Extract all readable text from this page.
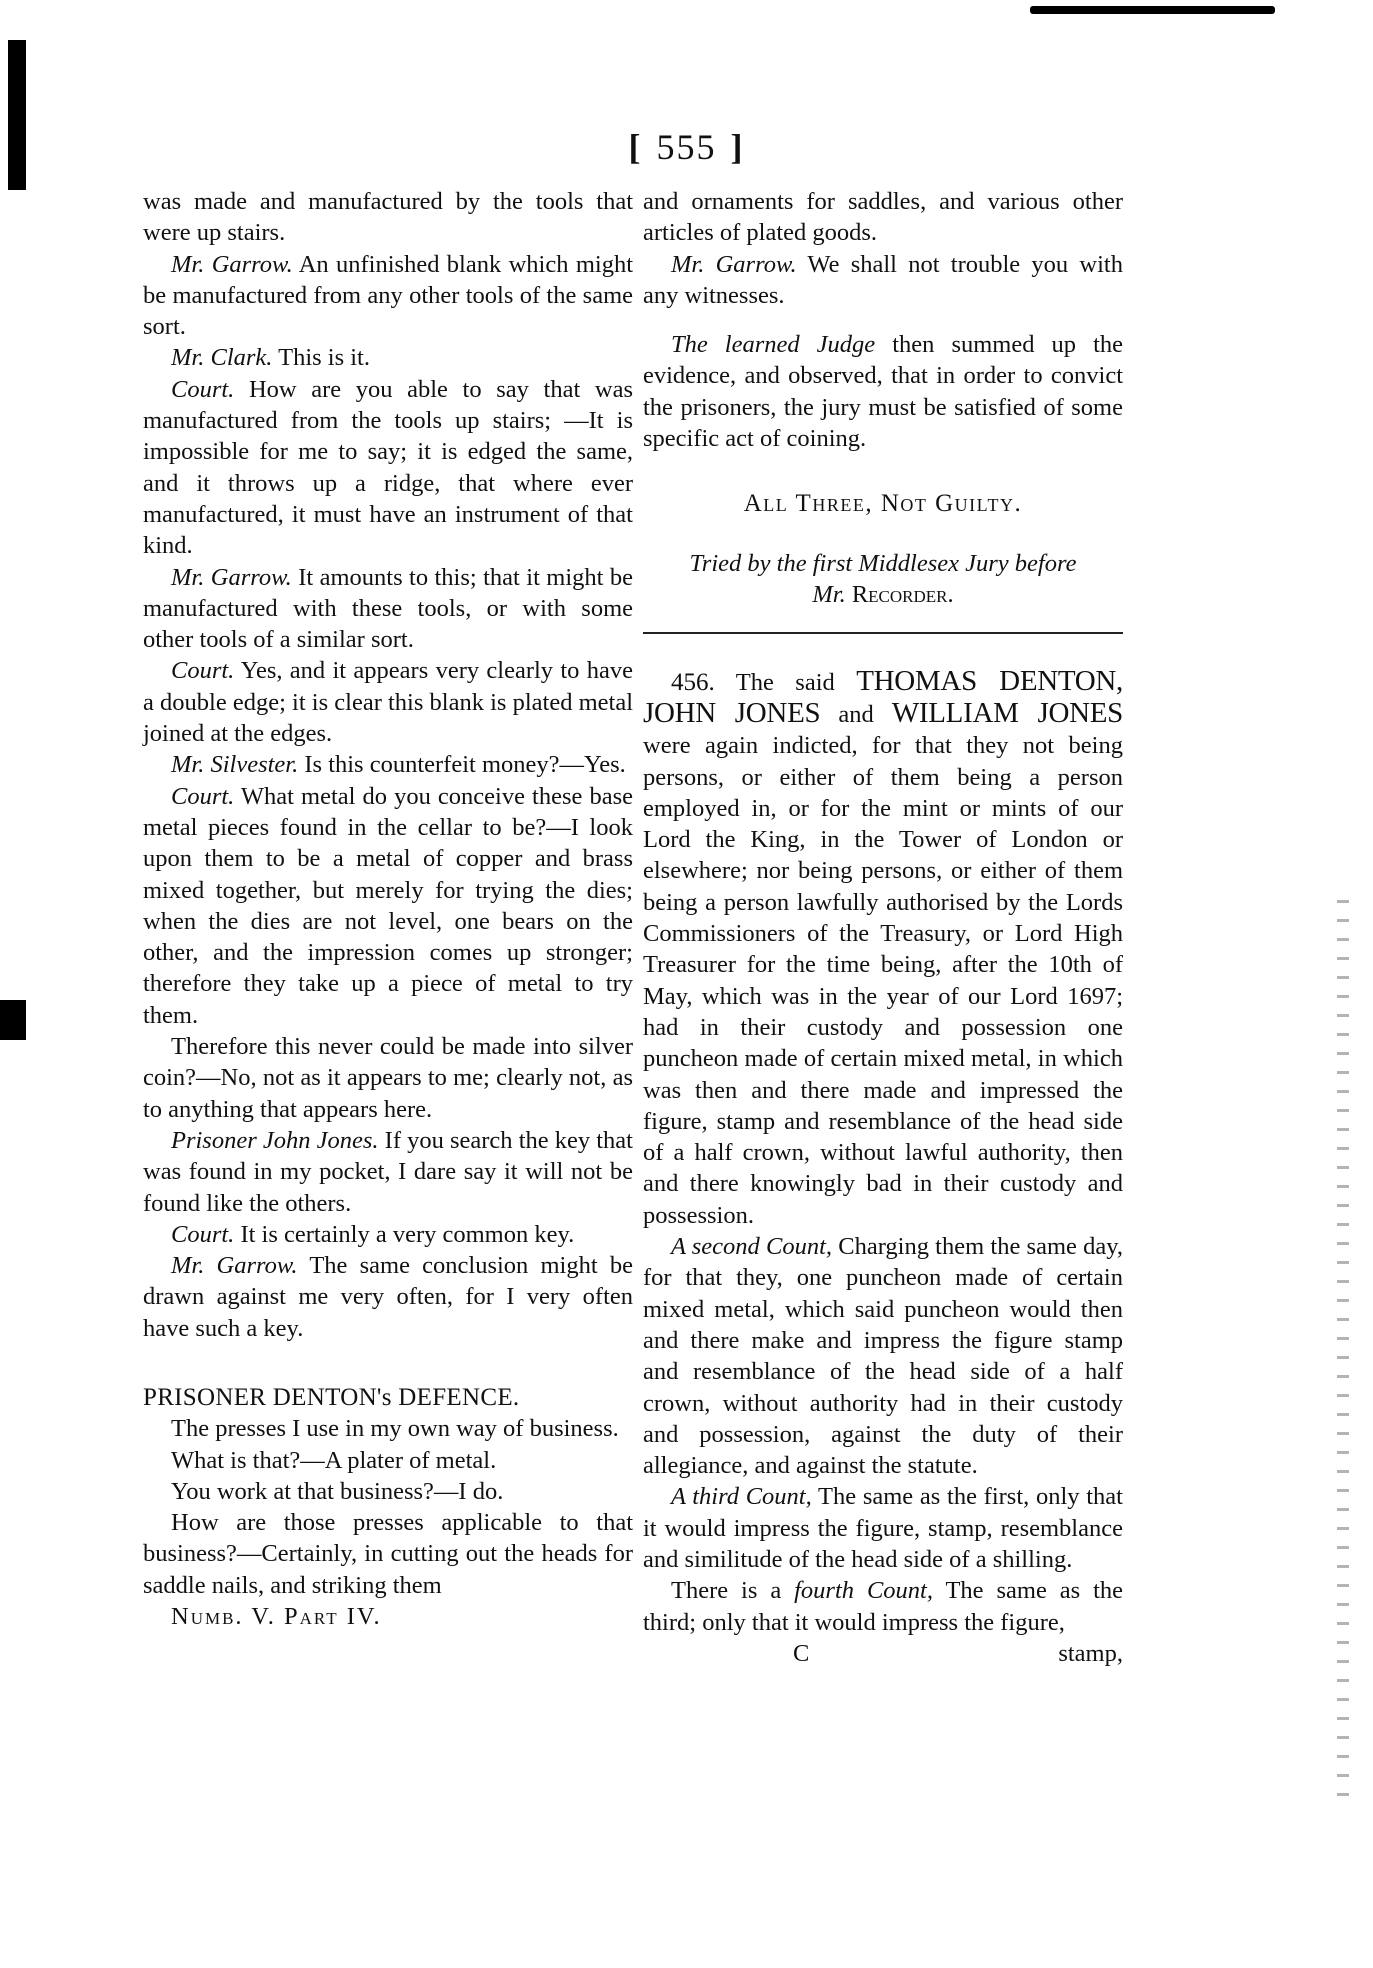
[ 555 ]

was made and manufactured by the tools that were up stairs.

Mr. Garrow. An unfinished blank which might be manufactured from any other tools of the same sort.

Mr. Clark. This is it.

Court. How are you able to say that was manufactured from the tools up stairs; —It is impossible for me to say; it is edged the same, and it throws up a ridge, that where ever manufactured, it must have an instrument of that kind.

Mr. Garrow. It amounts to this; that it might be manufactured with these tools, or with some other tools of a similar sort.

Court. Yes, and it appears very clearly to have a double edge; it is clear this blank is plated metal joined at the edges.

Mr. Silvester. Is this counterfeit money?—Yes.

Court. What metal do you conceive these base metal pieces found in the cellar to be?—I look upon them to be a metal of copper and brass mixed together, but merely for trying the dies; when the dies are not level, one bears on the other, and the impression comes up stronger; therefore they take up a piece of metal to try them.

Therefore this never could be made into silver coin?—No, not as it appears to me; clearly not, as to anything that appears here.

Prisoner John Jones. If you search the key that was found in my pocket, I dare say it will not be found like the others.

Court. It is certainly a very common key.

Mr. Garrow. The same conclusion might be drawn against me very often, for I very often have such a key.

PRISONER DENTON's DEFENCE.

The presses I use in my own way of business.

What is that?—A plater of metal.

You work at that business?—I do.

How are those presses applicable to that business?—Certainly, in cutting out the heads for saddle nails, and striking them

Numb. V. Part IV.

and ornaments for saddles, and various other articles of plated goods.

Mr. Garrow. We shall not trouble you with any witnesses.

The learned Judge then summed up the evidence, and observed, that in order to convict the prisoners, the jury must be satisfied of some specific act of coining.

All Three, Not Guilty.

Tried by the first Middlesex Jury before

Mr. Recorder.

456. The said THOMAS DENTON, JOHN JONES and WILLIAM JONES were again indicted, for that they not being persons, or either of them being a person employed in, or for the mint or mints of our Lord the King, in the Tower of London or elsewhere; nor being persons, or either of them being a person lawfully authorised by the Lords Commissioners of the Treasury, or Lord High Treasurer for the time being, after the 10th of May, which was in the year of our Lord 1697; had in their custody and possession one puncheon made of certain mixed metal, in which was then and there made and impressed the figure, stamp and resemblance of the head side of a half crown, without lawful authority, then and there knowingly bad in their custody and possession.

A second Count, Charging them the same day, for that they, one puncheon made of certain mixed metal, which said puncheon would then and there make and impress the figure stamp and resemblance of the head side of a half crown, without authority had in their custody and possession, against the duty of their allegiance, and against the statute.

A third Count, The same as the first, only that it would impress the figure, stamp, resemblance and similitude of the head side of a shilling.

There is a fourth Count, The same as the third; only that it would impress the figure,

C	stamp,
